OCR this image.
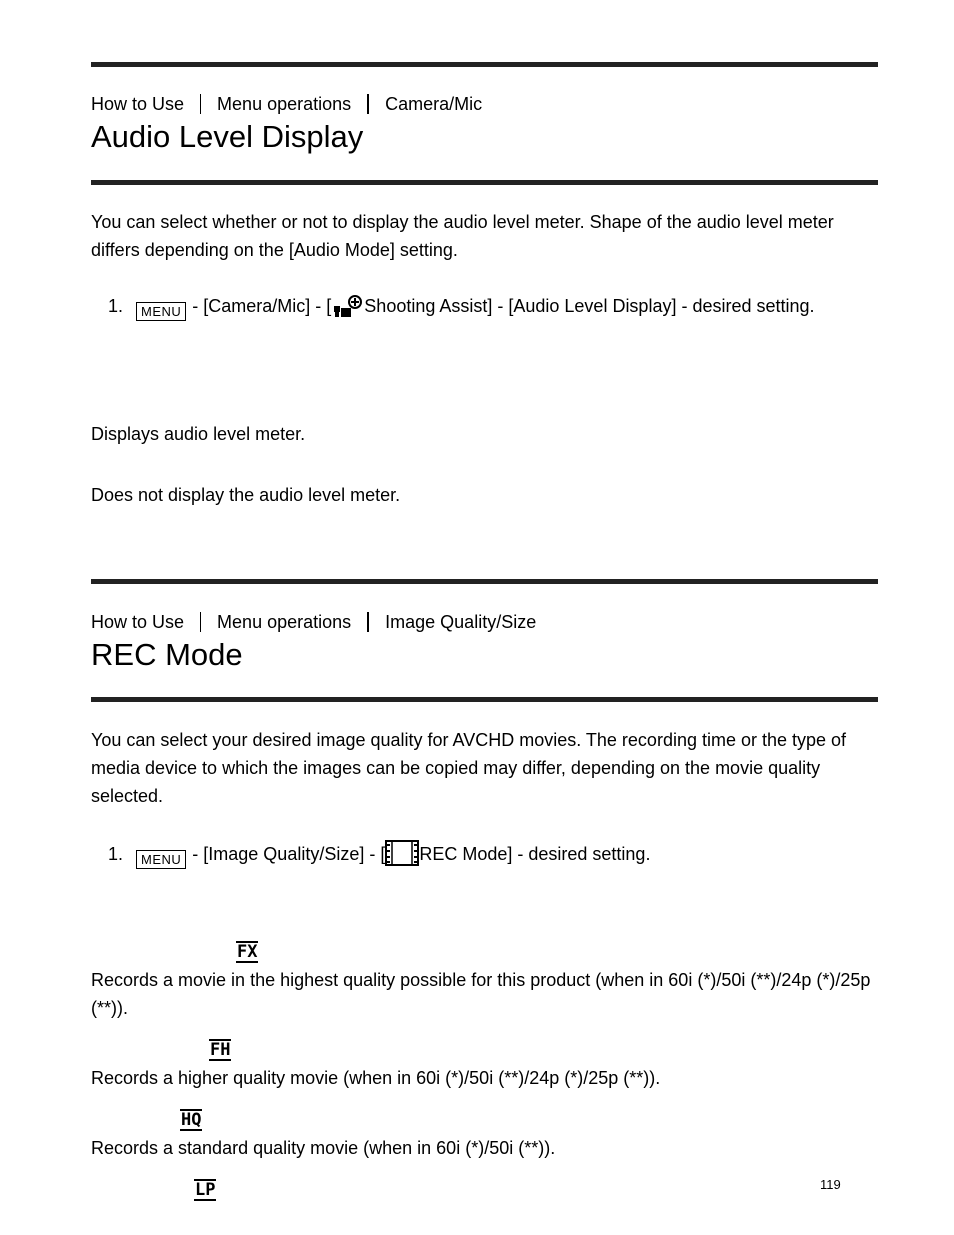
How to Use Menu operations Camera/Mic
Audio Level Display

You can select whether or not to display the audio level meter. Shape of the audio level meter differs depending on the [Audio Mode] setting.

1. MENU - [Camera/Mic] - [ Shooting Assist] - [Audio Level Display] - desired setting.

Displays audio level meter.

Does not display the audio level meter.

How to Use Menu operations Image Quality/Size
REC Mode

You can select your desired image quality for AVCHD movies. The recording time or the type of media device to which the images can be copied may differ, depending on the movie quality selected.

1. MENU - [Image Quality/Size] - [ REC Mode] - desired setting.
FX

Records a movie in the highest quality possible for this product (when in 60i (*)/50i (**)/24p (*)/25p (**)).

FH

Records a higher quality movie (when in 60i (*)/50i (**)/24p (*)/25p (**)).

HQ

Records a standard quality movie (when in 60i (*)/50i (**)).

LP	119
